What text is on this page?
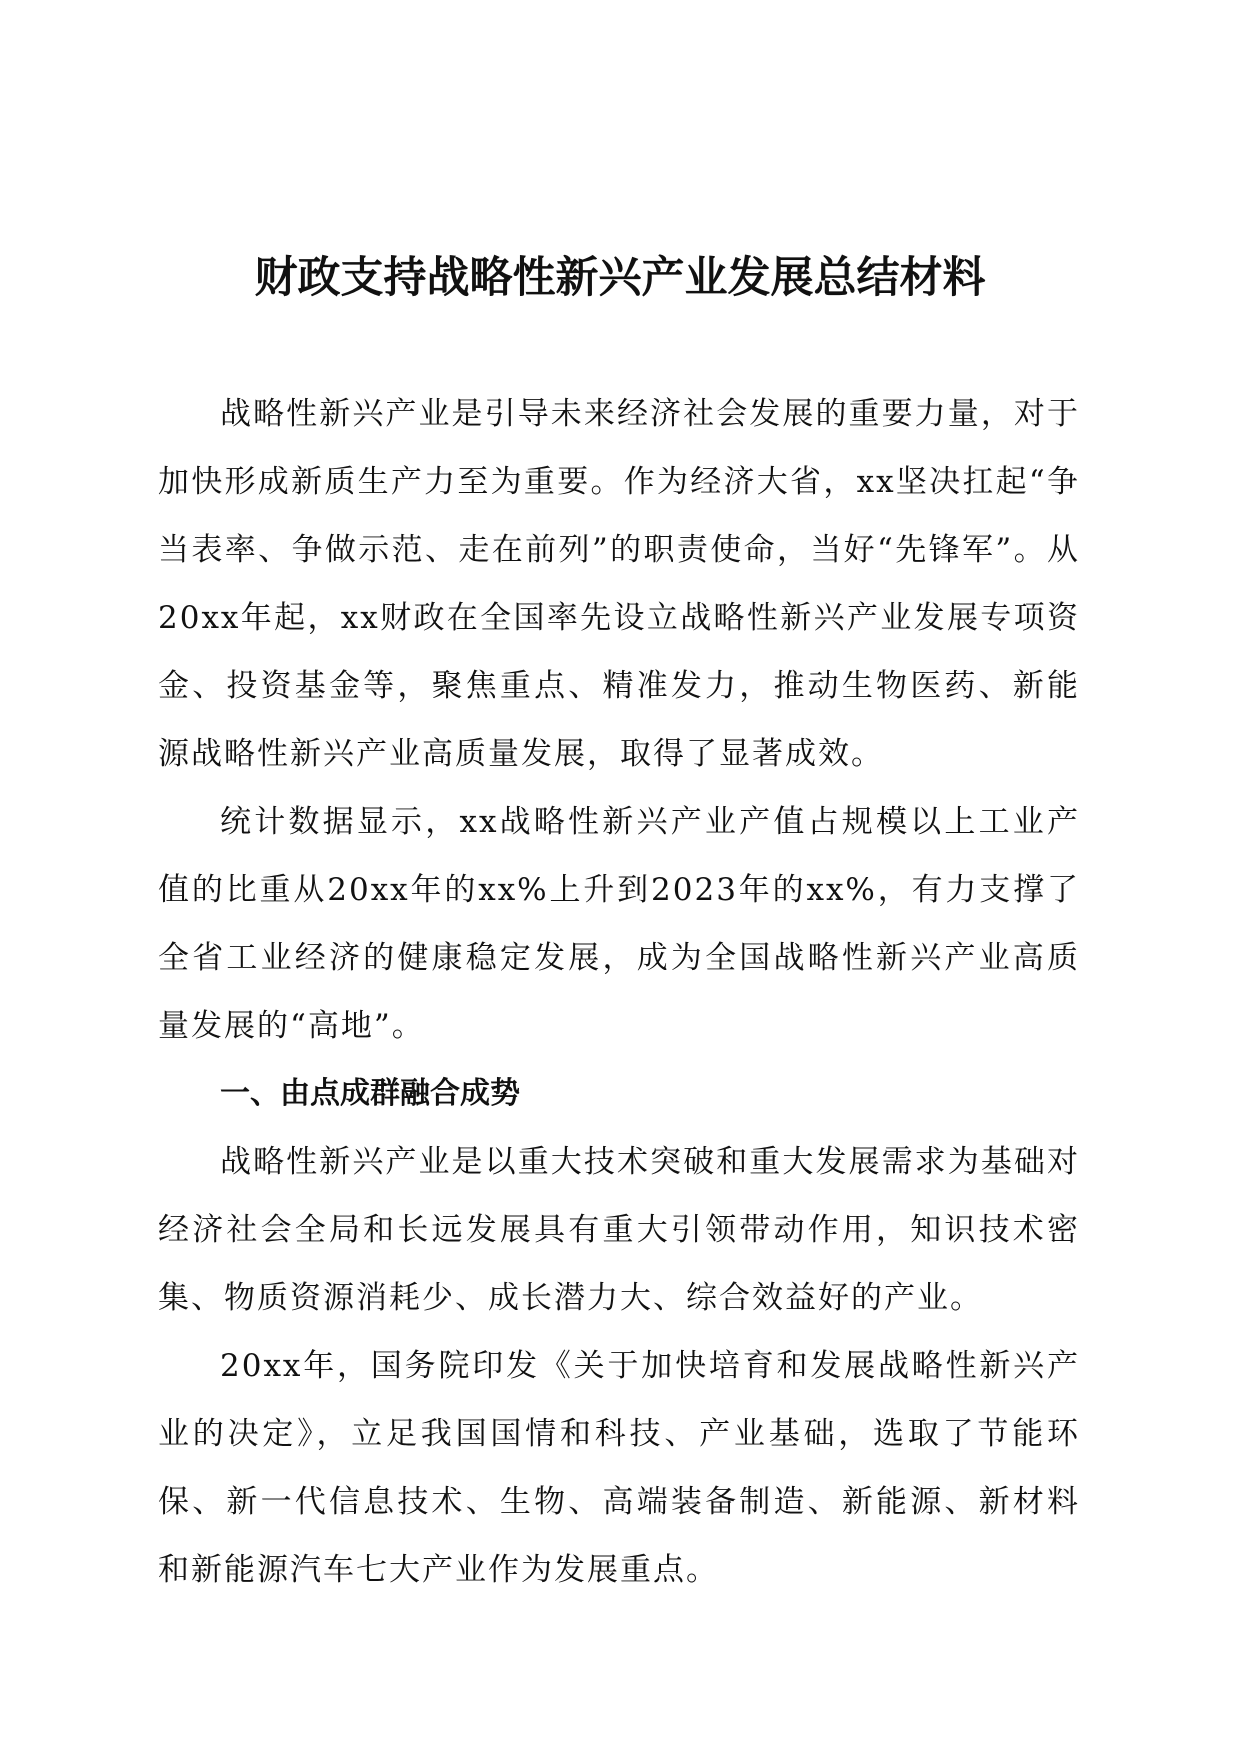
财政支持战略性新兴产业发展总结材料

战略性新兴产业是引导未来经济社会发展的重要力量，对于加快形成新质生产力至为重要。作为经济大省，xx坚决扛起“争当表率、争做示范、走在前列”的职责使命，当好“先锋军”。从20xx年起，xx财政在全国率先设立战略性新兴产业发展专项资金、投资基金等，聚焦重点、精准发力，推动生物医药、新能源战略性新兴产业高质量发展，取得了显著成效。

统计数据显示，xx战略性新兴产业产值占规模以上工业产值的比重从20xx年的xx%上升到2023年的xx%，有力支撑了全省工业经济的健康稳定发展，成为全国战略性新兴产业高质量发展的“高地”。

一、由点成群融合成势

战略性新兴产业是以重大技术突破和重大发展需求为基础对经济社会全局和长远发展具有重大引领带动作用，知识技术密集、物质资源消耗少、成长潜力大、综合效益好的产业。

20xx年，国务院印发《关于加快培育和发展战略性新兴产业的决定》，立足我国国情和科技、产业基础，选取了节能环保、新一代信息技术、生物、高端装备制造、新能源、新材料和新能源汽车七大产业作为发展重点。
